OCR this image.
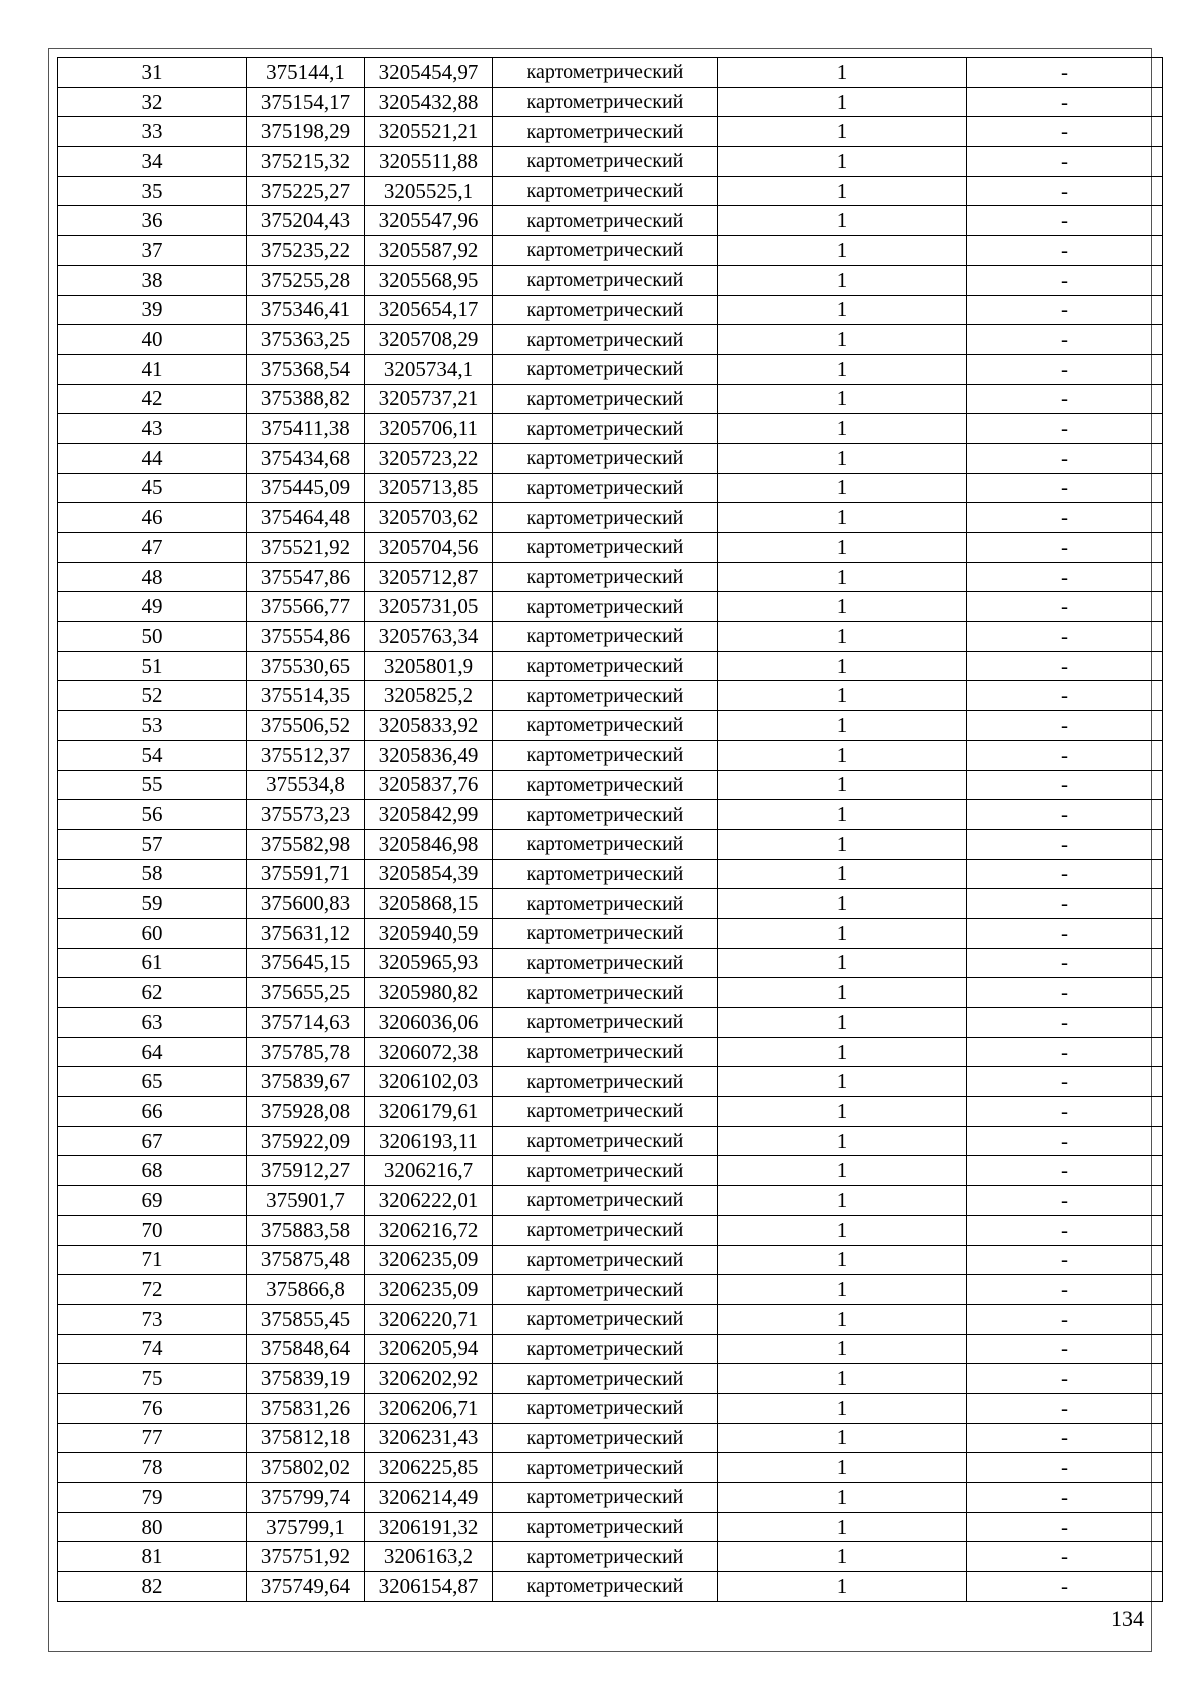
31	375144,1	3205454,97	картометрический	1	-
32	375154,17	3205432,88	картометрический	1	-
33	375198,29	3205521,21	картометрический	1	-
34	375215,32	3205511,88	картометрический	1	-
35	375225,27	3205525,1	картометрический	1	-
36	375204,43	3205547,96	картометрический	1	-
37	375235,22	3205587,92	картометрический	1	-
38	375255,28	3205568,95	картометрический	1	-
39	375346,41	3205654,17	картометрический	1	-
40	375363,25	3205708,29	картометрический	1	-
41	375368,54	3205734,1	картометрический	1	-
42	375388,82	3205737,21	картометрический	1	-
43	375411,38	3205706,11	картометрический	1	-
44	375434,68	3205723,22	картометрический	1	-
45	375445,09	3205713,85	картометрический	1	-
46	375464,48	3205703,62	картометрический	1	-
47	375521,92	3205704,56	картометрический	1	-
48	375547,86	3205712,87	картометрический	1	-
49	375566,77	3205731,05	картометрический	1	-
50	375554,86	3205763,34	картометрический	1	-
51	375530,65	3205801,9	картометрический	1	-
52	375514,35	3205825,2	картометрический	1	-
53	375506,52	3205833,92	картометрический	1	-
54	375512,37	3205836,49	картометрический	1	-
55	375534,8	3205837,76	картометрический	1	-
56	375573,23	3205842,99	картометрический	1	-
57	375582,98	3205846,98	картометрический	1	-
58	375591,71	3205854,39	картометрический	1	-
59	375600,83	3205868,15	картометрический	1	-
60	375631,12	3205940,59	картометрический	1	-
61	375645,15	3205965,93	картометрический	1	-
62	375655,25	3205980,82	картометрический	1	-
63	375714,63	3206036,06	картометрический	1	-
64	375785,78	3206072,38	картометрический	1	-
65	375839,67	3206102,03	картометрический	1	-
66	375928,08	3206179,61	картометрический	1	-
67	375922,09	3206193,11	картометрический	1	-
68	375912,27	3206216,7	картометрический	1	-
69	375901,7	3206222,01	картометрический	1	-
70	375883,58	3206216,72	картометрический	1	-
71	375875,48	3206235,09	картометрический	1	-
72	375866,8	3206235,09	картометрический	1	-
73	375855,45	3206220,71	картометрический	1	-
74	375848,64	3206205,94	картометрический	1	-
75	375839,19	3206202,92	картометрический	1	-
76	375831,26	3206206,71	картометрический	1	-
77	375812,18	3206231,43	картометрический	1	-
78	375802,02	3206225,85	картометрический	1	-
79	375799,74	3206214,49	картометрический	1	-
80	375799,1	3206191,32	картометрический	1	-
81	375751,92	3206163,2	картометрический	1	-
82	375749,64	3206154,87	картометрический	1	-
134
